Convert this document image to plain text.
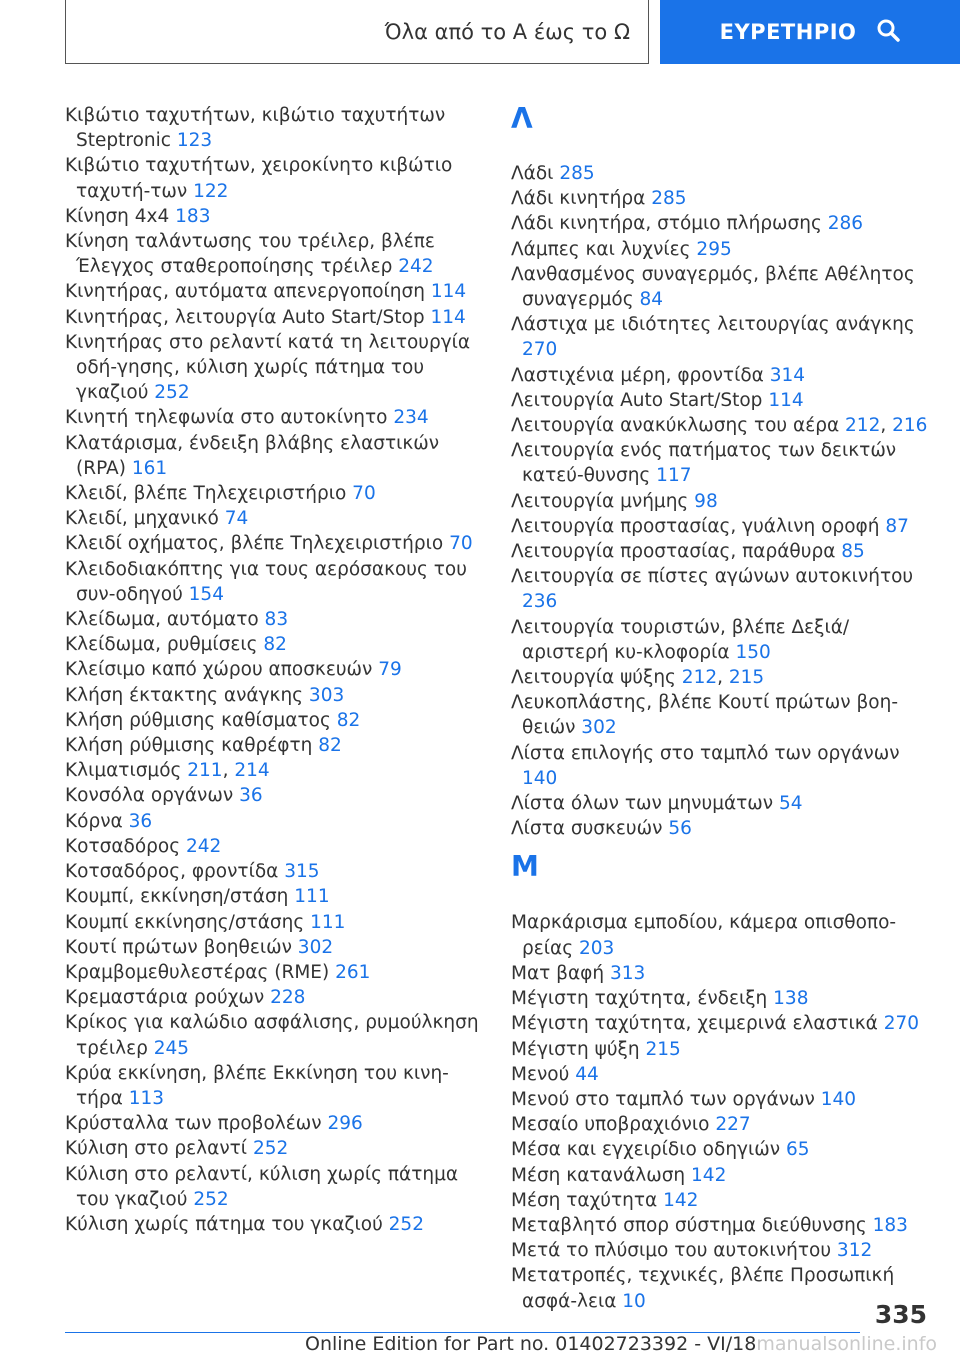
Όλα από το Α έως το Ω	ΕΥΡΕΤΗΡΙΟ
Κιβώτιο ταχυτήτων, κιβώτιο ταχυτήτων Steptronic 123
Κιβώτιο ταχυτήτων, χειροκίνητο κιβώτιο ταχυτή-των 122
Κίνηση 4x4 183
Κίνηση ταλάντωσης του τρέιλερ, βλέπε Έλεγχος σταθεροποίησης τρέιλερ 242
Κινητήρας, αυτόματα απενεργοποίηση 114
Κινητήρας, λειτουργία Auto Start/Stop 114
Κινητήρας στο ρελαντί κατά τη λειτουργία οδή-γησης, κύλιση χωρίς πάτημα του γκαζιού 252
Κινητή τηλεφωνία στο αυτοκίνητο 234
Κλατάρισμα, ένδειξη βλάβης ελαστικών (RPA) 161
Κλειδί, βλέπε Τηλεχειριστήριο 70
Κλειδί, μηχανικό 74
Κλειδί οχήματος, βλέπε Τηλεχειριστήριο 70
Κλειδοδιακόπτης για τους αερόσακους του συν-οδηγού 154
Κλείδωμα, αυτόματο 83
Κλείδωμα, ρυθμίσεις 82
Κλείσιμο καπό χώρου αποσκευών 79
Κλήση έκτακτης ανάγκης 303
Κλήση ρύθμισης καθίσματος 82
Κλήση ρύθμισης καθρέφτη 82
Κλιματισμός 211, 214
Κονσόλα οργάνων 36
Κόρνα 36
Κοτσαδόρος 242
Κοτσαδόρος, φροντίδα 315
Κουμπί, εκκίνηση/στάση 111
Κουμπί εκκίνησης/στάσης 111
Κουτί πρώτων βοηθειών 302
Κραμβομεθυλεστέρας (RME) 261
Κρεμαστάρια ρούχων 228
Κρίκος για καλώδιο ασφάλισης, ρυμούλκηση τρέιλερ 245
Κρύα εκκίνηση, βλέπε Εκκίνηση του κινη-τήρα 113
Κρύσταλλα των προβολέων 296
Κύλιση στο ρελαντί 252
Κύλιση στο ρελαντί, κύλιση χωρίς πάτημα του γκαζιού 252
Κύλιση χωρίς πάτημα του γκαζιού 252
Λ
Λάδι 285
Λάδι κινητήρα 285
Λάδι κινητήρα, στόμιο πλήρωσης 286
Λάμπες και λυχνίες 295
Λανθασμένος συναγερμός, βλέπε Αθέλητος συναγερμός 84
Λάστιχα με ιδιότητες λειτουργίας ανάγκης 270
Λαστιχένια μέρη, φροντίδα 314
Λειτουργία Auto Start/Stop 114
Λειτουργία ανακύκλωσης του αέρα 212, 216
Λειτουργία ενός πατήματος των δεικτών κατεύ-θυνσης 117
Λειτουργία μνήμης 98
Λειτουργία προστασίας, γυάλινη οροφή 87
Λειτουργία προστασίας, παράθυρα 85
Λειτουργία σε πίστες αγώνων αυτοκινήτου 236
Λειτουργία τουριστών, βλέπε Δεξιά/αριστερή κυ-κλοφορία 150
Λειτουργία ψύξης 212, 215
Λευκοπλάστης, βλέπε Κουτί πρώτων βοη-θειών 302
Λίστα επιλογής στο ταμπλό των οργάνων 140
Λίστα όλων των μηνυμάτων 54
Λίστα συσκευών 56
Μ
Μαρκάρισμα εμποδίου, κάμερα οπισθοπο-ρείας 203
Ματ βαφή 313
Μέγιστη ταχύτητα, ένδειξη 138
Μέγιστη ταχύτητα, χειμερινά ελαστικά 270
Μέγιστη ψύξη 215
Μενού 44
Μενού στο ταμπλό των οργάνων 140
Μεσαίο υποβραχιόνιο 227
Μέσα και εγχειρίδιο οδηγιών 65
Μέση κατανάλωση 142
Μέση ταχύτητα 142
Μεταβλητό σπορ σύστημα διεύθυνσης 183
Μετά το πλύσιμο του αυτοκινήτου 312
Μετατροπές, τεχνικές, βλέπε Προσωπική ασφά-λεια 10	335
Online Edition for Part no. 01402723392 - VI/18manualsonline.info
